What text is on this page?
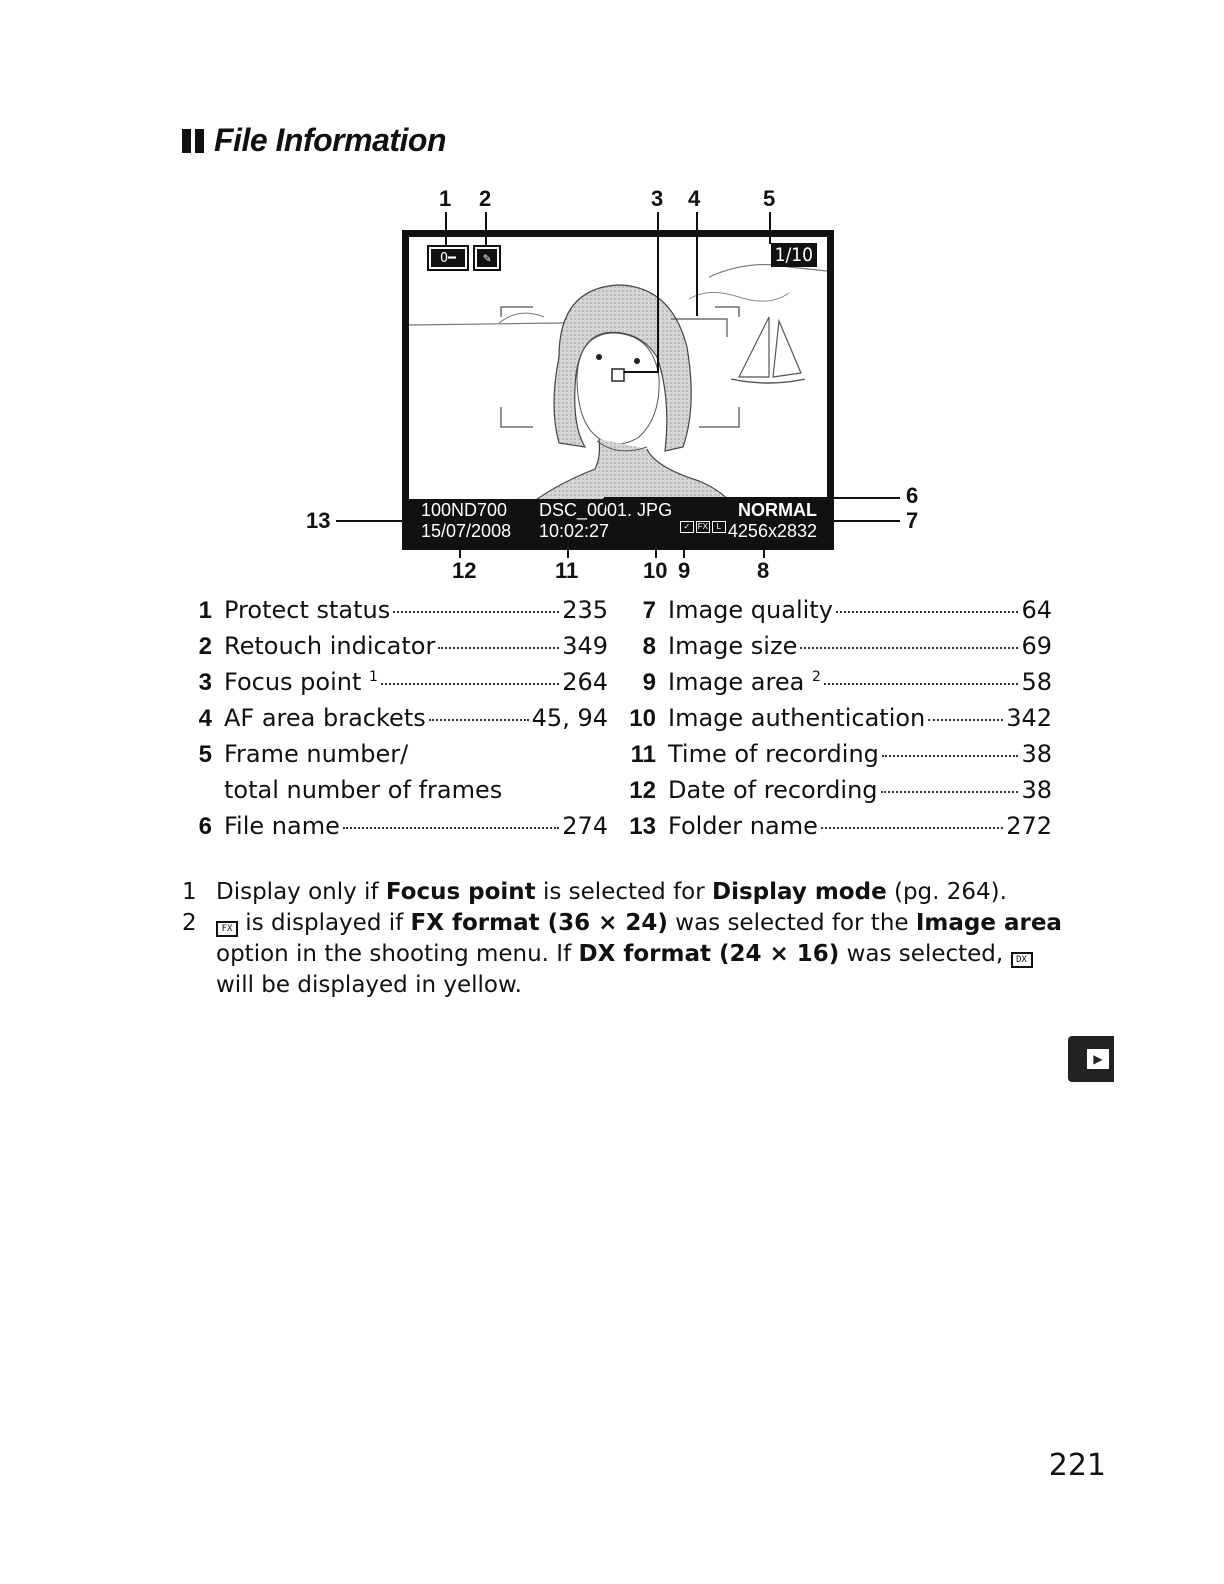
File Information
1 2	3 4	5
6
7
8
9
10
11
12
13
O━	✎	1/10
100ND700	DSC_0001. JPG	NORMAL
15/07/2008	10:02:27	✓ FX	L 4256x2832
1 Protect status	235
2 Retouch indicator	349
3 Focus point $^1$	264
4 AF area brackets	45, 94
5 Frame number/
total number of frames
6 File name	274
7 Image quality	64
8 Image size	69
9 Image area $^2$	58
10 Image authentication	342
11 Time of recording	38
12 Date of recording	38
13 Folder name	272
1 Display only if Focus point is selected for Display mode (pg. 264).
2	FX is displayed if FX format (36 × 24) was selected for the Image area option in the shooting menu. If DX format (24 × 16) was selected, DX will be displayed in yellow.
▶
221
